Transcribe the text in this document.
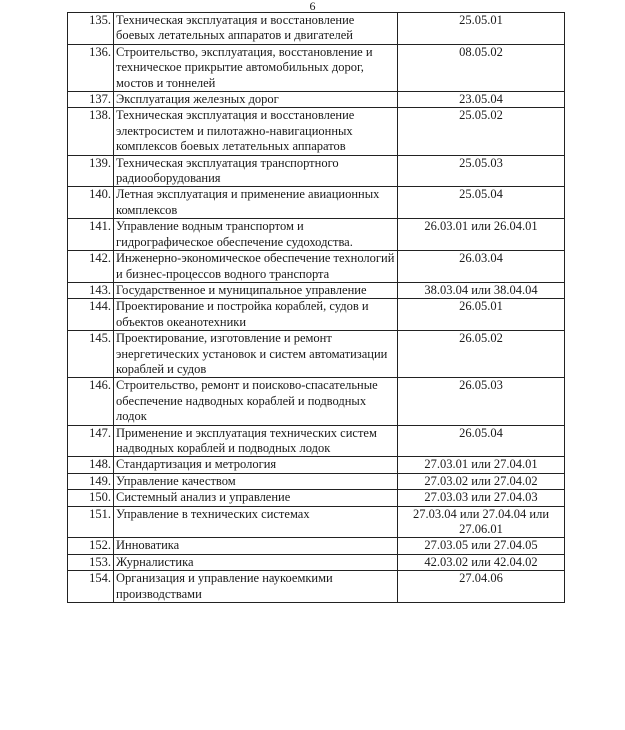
6
135.	Техническая эксплуатация и восстановление боевых летательных аппаратов и двигателей	25.05.01
136.	Строительство, эксплуатация, восстановление и техническое прикрытие автомобильных дорог, мостов и тоннелей	08.05.02
137.	Эксплуатация железных дорог	23.05.04
138.	Техническая эксплуатация и восстановление электросистем и пилотажно-навигационных комплексов боевых летательных аппаратов	25.05.02
139.	Техническая эксплуатация транспортного радиооборудования	25.05.03
140.	Летная эксплуатация и применение авиационных комплексов	25.05.04
141.	Управление водным транспортом и гидрографическое обеспечение судоходства.	26.03.01 или 26.04.01
142.	Инженерно-экономическое обеспечение технологий и бизнес-процессов водного транспорта	26.03.04
143.	Государственное и муниципальное управление	38.03.04 или 38.04.04
144.	Проектирование и постройка кораблей, судов и объектов океанотехники	26.05.01
145.	Проектирование, изготовление и ремонт энергетических установок и систем автоматизации кораблей и судов	26.05.02
146.	Строительство, ремонт и поисково-спасательные обеспечение надводных кораблей и подводных лодок	26.05.03
147.	Применение и эксплуатация технических систем надводных кораблей и подводных лодок	26.05.04
148.	Стандартизация и метрология	27.03.01 или 27.04.01
149.	Управление качеством	27.03.02 или 27.04.02
150.	Системный анализ и управление	27.03.03 или 27.04.03
151.	Управление в технических системах	27.03.04 или 27.04.04 или 27.06.01
152.	Инноватика	27.03.05 или 27.04.05
153.	Журналистика	42.03.02 или 42.04.02
154.	Организация и управление наукоемкими производствами	27.04.06
